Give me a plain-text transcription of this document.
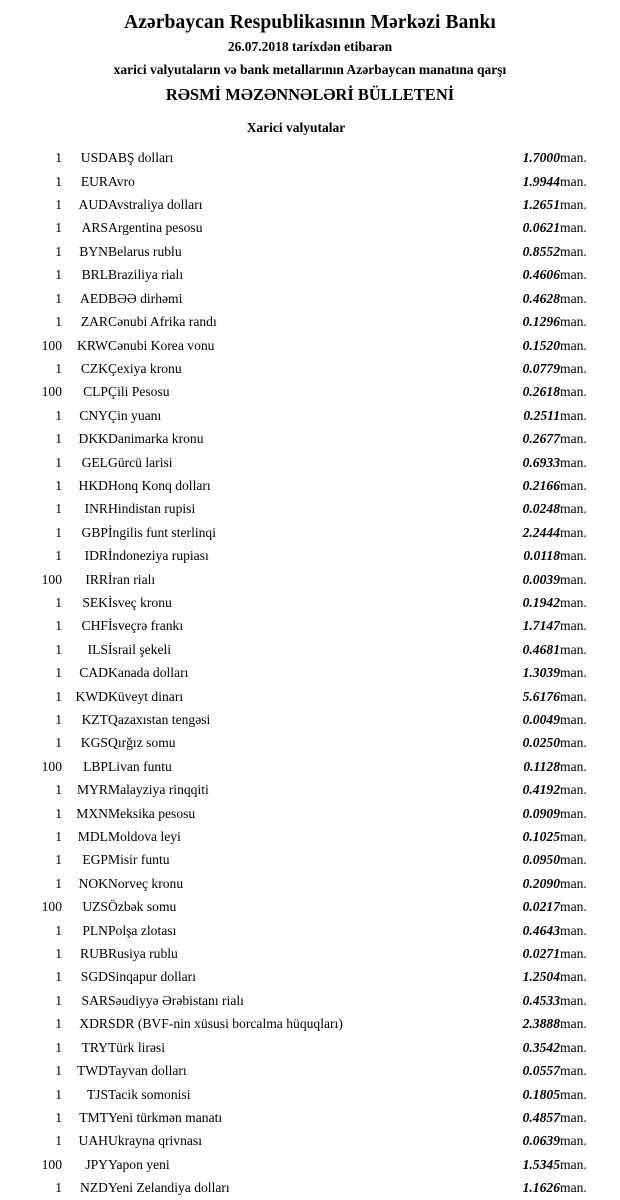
Azərbaycan Respublikasının Mərkəzi Bankı
26.07.2018 tarixdən etibarən
xarici valyutaların və bank metallarının Azərbaycan manatına qarşı
RƏSMİ MƏZƏNNƏLƏRİ BÜLLETENİ
Xarici valyutalar
1	USD	ABŞ dolları	1.7000	man.
1	EUR	Avro	1.9944	man.
1	AUD	Avstraliya dolları	1.2651	man.
1	ARS	Argentina pesosu	0.0621	man.
1	BYN	Belarus rublu	0.8552	man.
1	BRL	Braziliya rialı	0.4606	man.
1	AED	BƏƏ dirhəmi	0.4628	man.
1	ZAR	Cənubi Afrika randı	0.1296	man.
100	KRW	Cənubi Korea vonu	0.1520	man.
1	CZK	Çexiya kronu	0.0779	man.
100	CLP	Çili Pesosu	0.2618	man.
1	CNY	Çin yuanı	0.2511	man.
1	DKK	Danimarka kronu	0.2677	man.
1	GEL	Gürcü larisi	0.6933	man.
1	HKD	Honq Konq dolları	0.2166	man.
1	INR	Hindistan rupisi	0.0248	man.
1	GBP	İngilis funt sterlinqi	2.2444	man.
1	IDR	İndoneziya rupiası	0.0118	man.
100	IRR	İran rialı	0.0039	man.
1	SEK	İsveç kronu	0.1942	man.
1	CHF	İsveçrə frankı	1.7147	man.
1	ILS	İsrail şekeli	0.4681	man.
1	CAD	Kanada dolları	1.3039	man.
1	KWD	Küveyt dinarı	5.6176	man.
1	KZT	Qazaxıstan tengəsi	0.0049	man.
1	KGS	Qırğız somu	0.0250	man.
100	LBP	Livan funtu	0.1128	man.
1	MYR	Malayziya rinqqiti	0.4192	man.
1	MXN	Meksika pesosu	0.0909	man.
1	MDL	Moldova leyi	0.1025	man.
1	EGP	Misir funtu	0.0950	man.
1	NOK	Norveç kronu	0.2090	man.
100	UZS	Özbək somu	0.0217	man.
1	PLN	Polşa zlotası	0.4643	man.
1	RUB	Rusiya rublu	0.0271	man.
1	SGD	Sinqapur dolları	1.2504	man.
1	SAR	Səudiyyə Ərəbistanı rialı	0.4533	man.
1	XDR	SDR (BVF-nin xüsusi borcalma hüquqları)	2.3888	man.
1	TRY	Türk lirəsi	0.3542	man.
1	TWD	Tayvan dolları	0.0557	man.
1	TJS	Tacik somonisi	0.1805	man.
1	TMT	Yeni türkmən manatı	0.4857	man.
1	UAH	Ukrayna qrivnası	0.0639	man.
100	JPY	Yapon yeni	1.5345	man.
1	NZD	Yeni Zelandiya dolları	1.1626	man.
